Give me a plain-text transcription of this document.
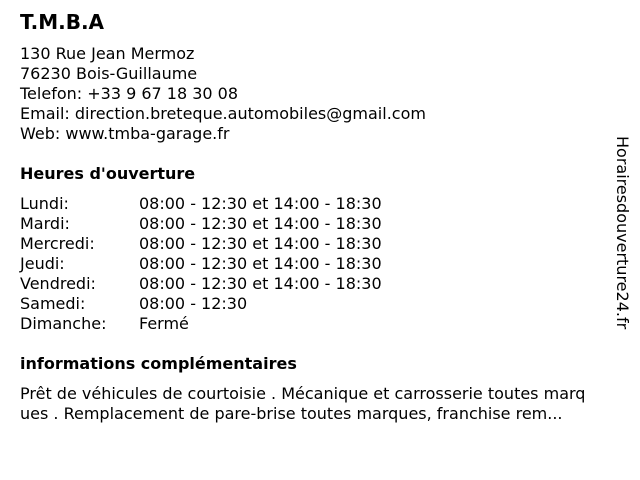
T.M.B.A
130 Rue Jean Mermoz
76230 Bois-Guillaume
Telefon: +33 9 67 18 30 08
Email: direction.breteque.automobiles@gmail.com
Web: www.tmba-garage.fr
Heures d'ouverture
Lundi:	08:00 - 12:30 et 14:00 - 18:30
Mardi:	08:00 - 12:30 et 14:00 - 18:30
Mercredi:	08:00 - 12:30 et 14:00 - 18:30
Jeudi:	08:00 - 12:30 et 14:00 - 18:30
Vendredi:	08:00 - 12:30 et 14:00 - 18:30
Samedi:	08:00 - 12:30
Dimanche:	Fermé
informations complémentaires
Prêt de véhicules de courtoisie . Mécanique et carrosserie toutes marq
ues . Remplacement de pare-brise toutes marques, franchise rem...
Horairesdouverture24.fr
